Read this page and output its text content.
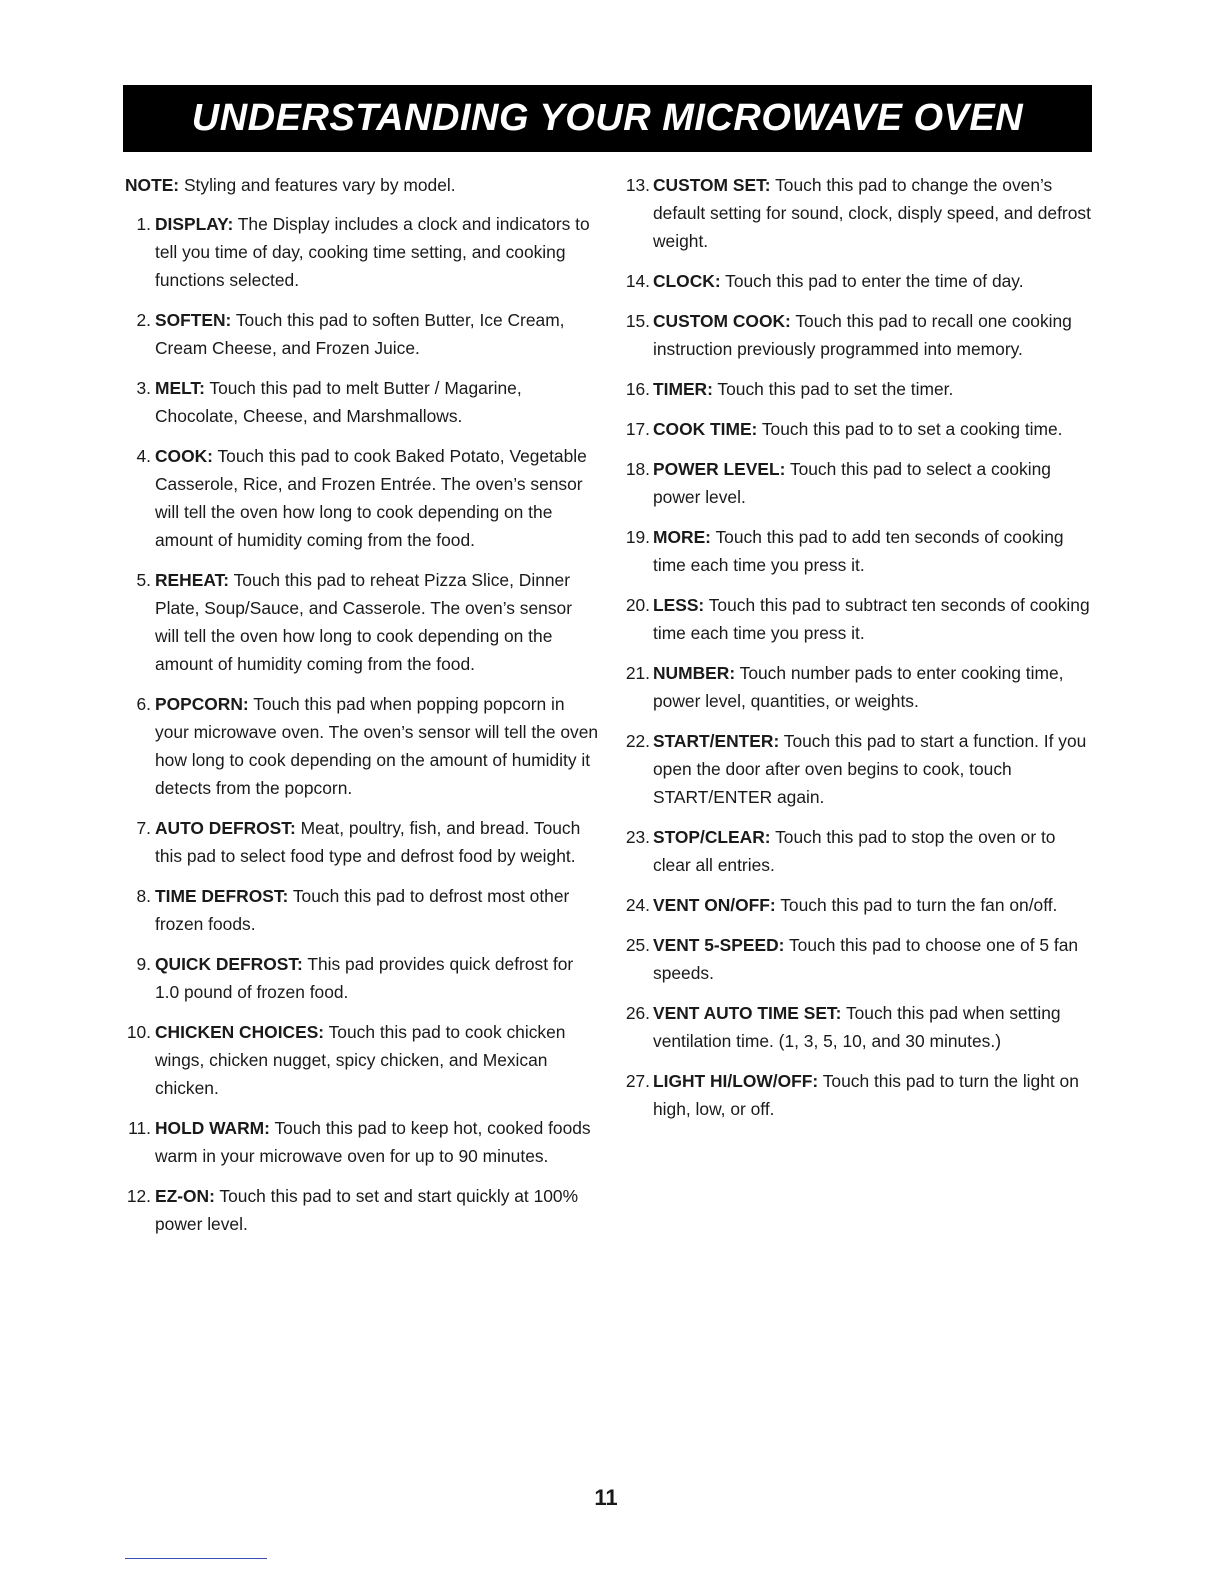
UNDERSTANDING YOUR MICROWAVE OVEN

NOTE: Styling and features vary by model.

1. DISPLAY: The Display includes a clock and indicators to tell you time of day, cooking time setting, and cooking functions selected.
2. SOFTEN: Touch this pad to soften Butter, Ice Cream, Cream Cheese, and Frozen Juice.
3. MELT: Touch this pad to melt Butter / Magarine, Chocolate, Cheese, and Marshmallows.
4. COOK: Touch this pad to cook Baked Potato, Vegetable Casserole, Rice, and Frozen Entrée. The oven’s sensor will tell the oven how long to cook depending on the amount of humidity coming from the food.
5. REHEAT: Touch this pad to reheat Pizza Slice, Dinner Plate, Soup/Sauce, and Casserole. The oven’s sensor will tell the oven how long to cook depending on the amount of humidity coming from the food.
6. POPCORN: Touch this pad when popping popcorn in your microwave oven. The oven’s sensor will tell the oven how long to cook depending on the amount of humidity it detects from the popcorn.
7. AUTO DEFROST: Meat, poultry, fish, and bread. Touch this pad to select food type and defrost food by weight.
8. TIME DEFROST: Touch this pad to defrost most other frozen foods.
9. QUICK DEFROST: This pad provides quick defrost for 1.0 pound of frozen food.
10. CHICKEN CHOICES: Touch this pad to cook chicken wings, chicken nugget, spicy chicken, and Mexican chicken.
11. HOLD WARM: Touch this pad to keep hot, cooked foods warm in your microwave oven for up to 90 minutes.
12. EZ-ON: Touch this pad to set and start quickly at 100% power level.
13. CUSTOM SET: Touch this pad to change the oven’s default setting for sound, clock, disply speed, and defrost weight.
14. CLOCK: Touch this pad to enter the time of day.
15. CUSTOM COOK: Touch this pad to recall one cooking instruction previously programmed into memory.
16. TIMER: Touch this pad to set the timer.
17. COOK TIME: Touch this pad to to set a cooking time.
18. POWER LEVEL: Touch this pad to select a cooking power level.
19. MORE: Touch this pad to add ten seconds of cooking time each time you press it.
20. LESS: Touch this pad to subtract ten seconds of cooking time each time you press it.
21. NUMBER: Touch number pads to enter cooking time, power level, quantities, or weights.
22. START/ENTER: Touch this pad to start a function. If you open the door after oven begins to cook, touch START/ENTER again.
23. STOP/CLEAR: Touch this pad to stop the oven or to clear all entries.
24. VENT ON/OFF: Touch this pad to turn the fan on/off.
25. VENT 5-SPEED: Touch this pad to choose one of 5 fan speeds.
26. VENT AUTO TIME SET: Touch this pad when setting ventilation time. (1, 3, 5, 10, and 30 minutes.)
27. LIGHT HI/LOW/OFF: Touch this pad to turn the light on high, low, or off.
11
